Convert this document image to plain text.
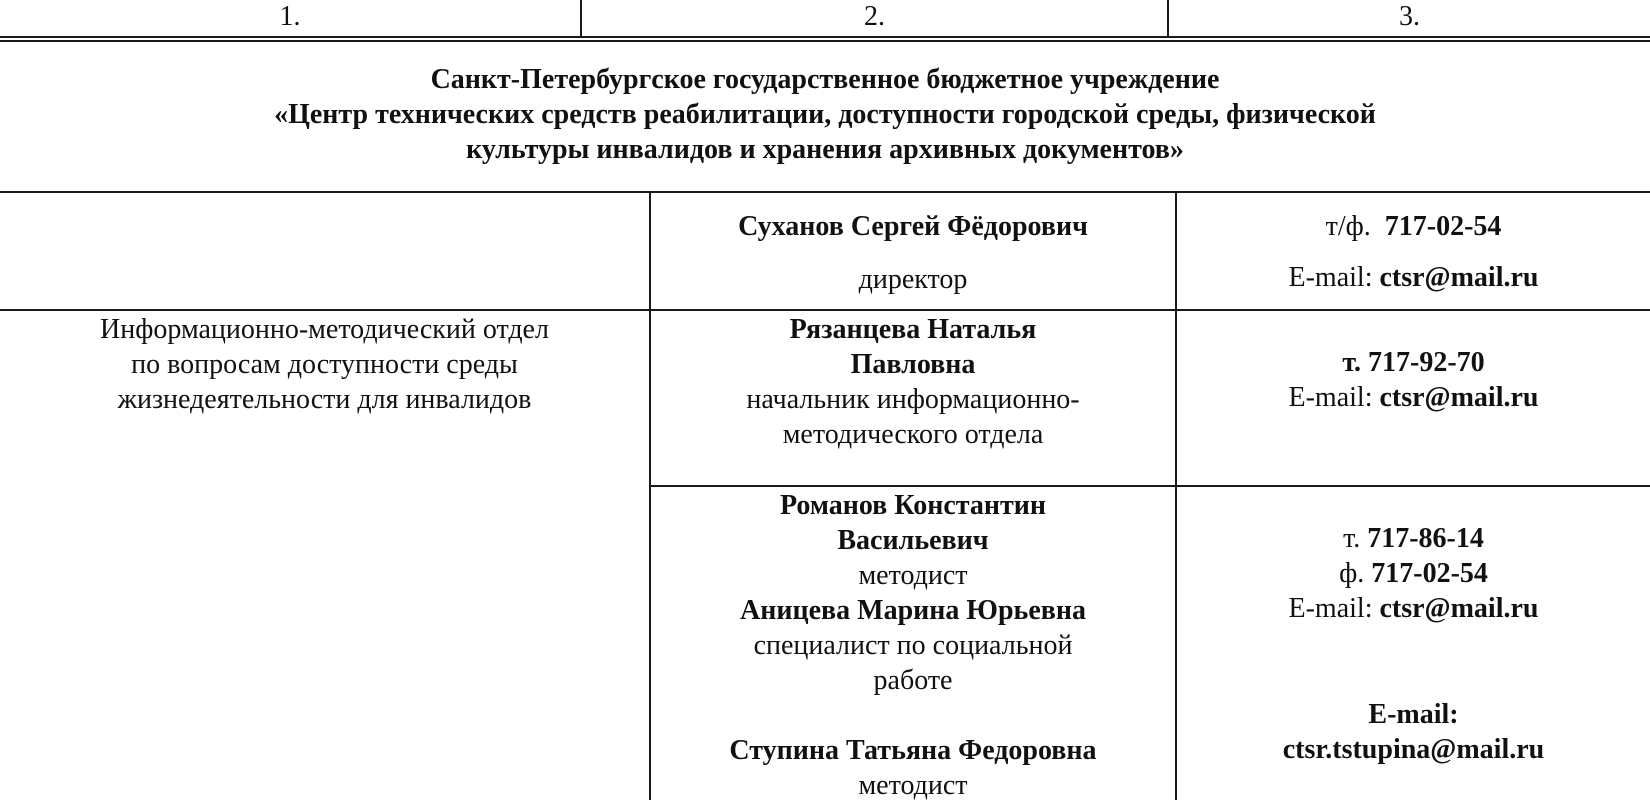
1.	2.	3.
Санкт-Петербургское государственное бюджетное учреждение
«Центр технических средств реабилитации, доступности городской среды, физической
культуры инвалидов и хранения архивных документов»
Суханов Сергей Фёдорович
директор
т/ф. 717-02-54
E-mail: ctsr@mail.ru
Информационно-методический отдел
по вопросам доступности среды
жизнедеятельности для инвалидов
Рязанцева Наталья
Павловна
начальник информационно-
методического отдела
т. 717-92-70
E-mail: ctsr@mail.ru
Романов Константин
Васильевич
методист
Аницева Марина Юрьевна
специалист по социальной
работе
Ступина Татьяна Федоровна
методист
т. 717-86-14
ф. 717-02-54
E-mail: ctsr@mail.ru
E-mail:
ctsr.tstupina@mail.ru
